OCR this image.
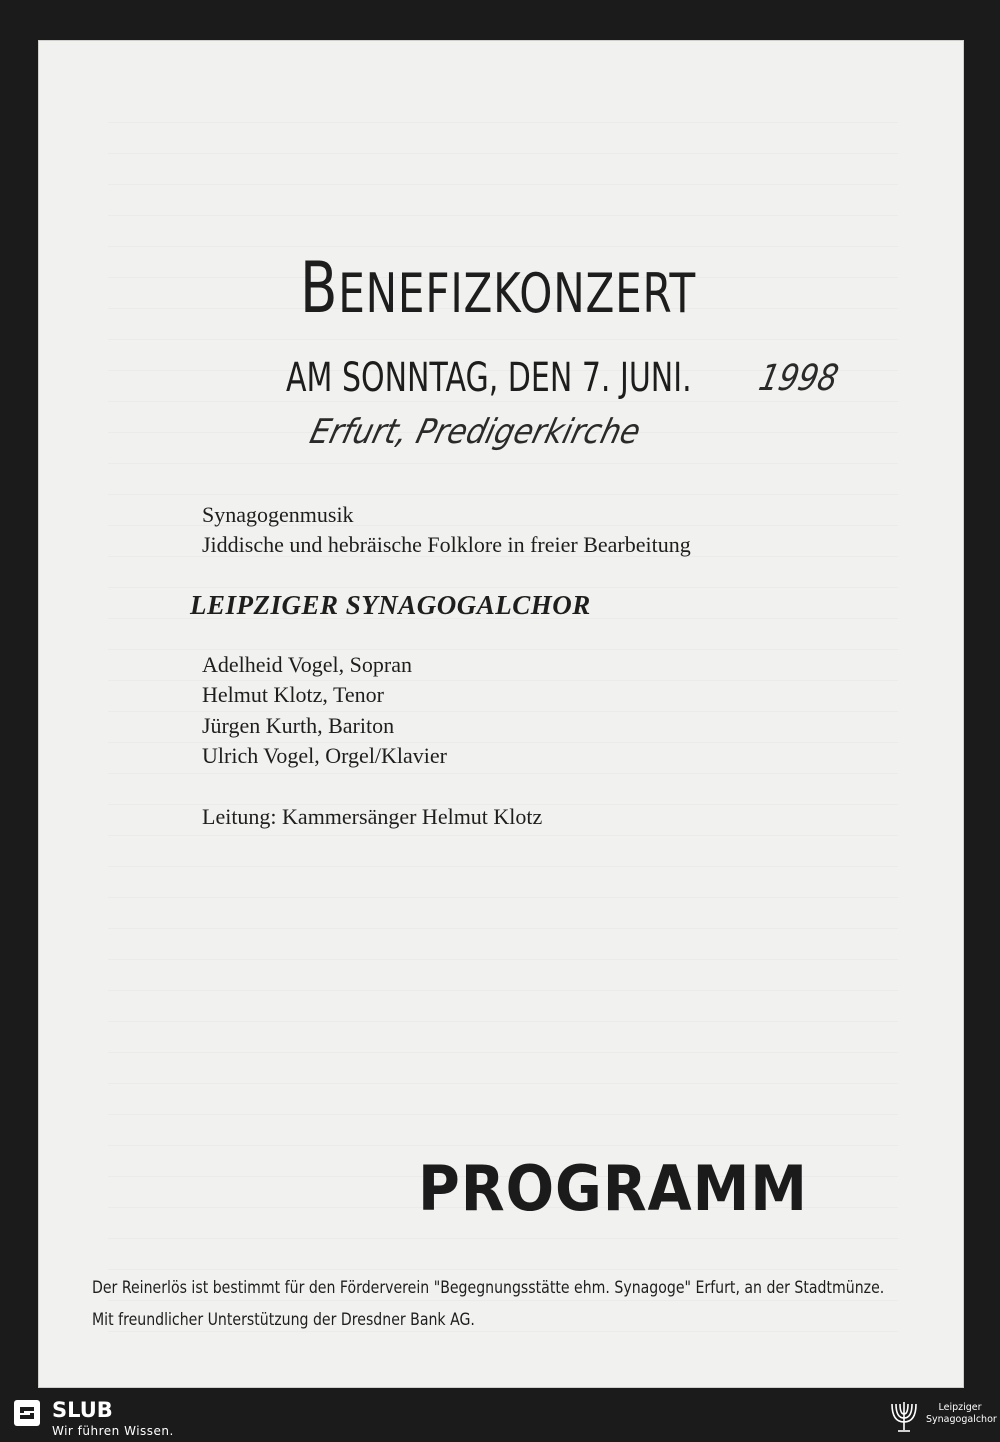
BENEFIZKONZERT
AM SONNTAG, DEN 7. JUNI. 1998
Erfurt, Predigerkirche
Synagogenmusik
Jiddische und hebräische Folklore in freier Bearbeitung
LEIPZIGER SYNAGOGALCHOR
Adelheid Vogel, Sopran
Helmut Klotz, Tenor
Jürgen Kurth, Bariton
Ulrich Vogel, Orgel/Klavier
Leitung: Kammersänger Helmut Klotz
PROGRAMM
Der Reinerlös ist bestimmt für den Förderverein "Begegnungsstätte ehm. Synagoge" Erfurt, an der Stadtmünze.
Mit freundlicher Unterstützung der Dresdner Bank AG.
SLUB
Wir führen Wissen.
Leipziger
Synagogalchor
